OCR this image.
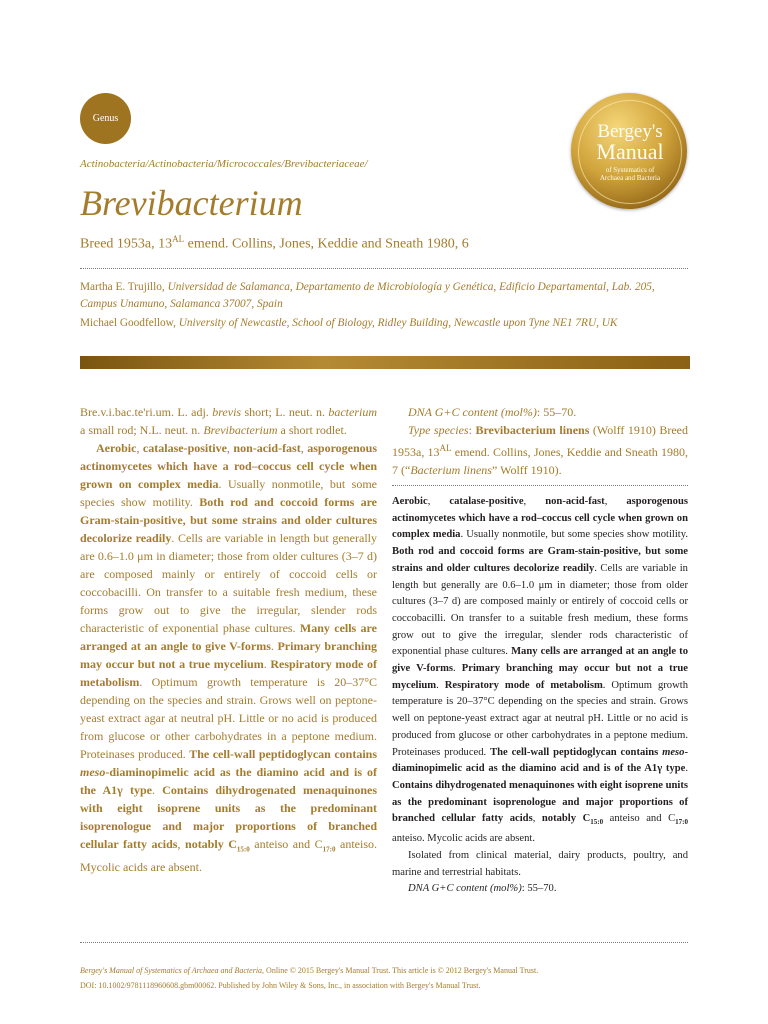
Genus
Bergey's
Manual
of Systematics of
Archaea and Bacteria
Actinobacteria/Actinobacteria/Micrococcales/Brevibacteriaceae/
Brevibacterium
Breed 1953a, $13^{AL}$ emend. Collins, Jones, Keddie and Sneath 1980, 6
Martha E. Trujillo, Universidad de Salamanca, Departamento de Microbiología y Genética, Edificio Departamental, Lab. 205, Campus Unamuno, Salamanca 37007, Spain
Michael Goodfellow, University of Newcastle, School of Biology, Ridley Building, Newcastle upon Tyne NE1 7RU, UK

Bre.v.i.bac.te'ri.um. L. adj. brevis short; L. neut. n. bacterium a small rod; N.L. neut. n. Brevibacterium a short rodlet.

Aerobic, catalase-positive, non-acid-fast, asporogenous actinomycetes which have a rod–coccus cell cycle when grown on complex media. Usually nonmotile, but some species show motility. Both rod and coccoid forms are Gram-stain-positive, but some strains and older cultures decolorize readily. Cells are variable in length but generally are 0.6–1.0 μm in diameter; those from older cultures (3–7 d) are composed mainly or entirely of coccoid cells or coccobacilli. On transfer to a suitable fresh medium, these forms grow out to give the irregular, slender rods characteristic of exponential phase cultures. Many cells are arranged at an angle to give V-forms. Primary branching may occur but not a true mycelium. Respiratory mode of metabolism. Optimum growth temperature is 20–37°C depending on the species and strain. Grows well on peptone-yeast extract agar at neutral pH. Little or no acid is produced from glucose or other carbohydrates in a peptone medium. Proteinases produced. The cell-wall peptidoglycan contains meso-diaminopimelic acid as the diamino acid and is of the A1γ type. Contains dihydrogenated menaquinones with eight isoprene units as the predominant isoprenologue and major proportions of branched cellular fatty acids, notably $C_{15:0}$ anteiso and $C_{17:0}$ anteiso. Mycolic acids are absent.

DNA G+C content (mol%): 55–70.

Type species: Brevibacterium linens (Wolff 1910) Breed 1953a, $13^{AL}$ emend. Collins, Jones, Keddie and Sneath 1980, 7 (“Bacterium linens” Wolff 1910).

Aerobic, catalase-positive, non-acid-fast, asporogenous actinomycetes which have a rod–coccus cell cycle when grown on complex media. Usually nonmotile, but some species show motility. Both rod and coccoid forms are Gram-stain-positive, but some strains and older cultures decolorize readily. Cells are variable in length but generally are 0.6–1.0 μm in diameter; those from older cultures (3–7 d) are composed mainly or entirely of coccoid cells or coccobacilli. On transfer to a suitable fresh medium, these forms grow out to give the irregular, slender rods characteristic of exponential phase cultures. Many cells are arranged at an angle to give V-forms. Primary branching may occur but not a true mycelium. Respiratory mode of metabolism. Optimum growth temperature is 20–37°C depending on the species and strain. Grows well on peptone-yeast extract agar at neutral pH. Little or no acid is produced from glucose or other carbohydrates in a peptone medium. Proteinases produced. The cell-wall peptidoglycan contains meso-diaminopimelic acid as the diamino acid and is of the A1γ type. Contains dihydrogenated menaquinones with eight isoprene units as the predominant isoprenologue and major proportions of branched cellular fatty acids, notably $C_{15:0}$ anteiso and $C_{17:0}$ anteiso. Mycolic acids are absent.

Isolated from clinical material, dairy products, poultry, and marine and terrestrial habitats.

DNA G+C content (mol%): 55–70.

Bergey's Manual of Systematics of Archaea and Bacteria, Online © 2015 Bergey's Manual Trust. This article is © 2012 Bergey's Manual Trust.
DOI: 10.1002/9781118960608.gbm00062. Published by John Wiley & Sons, Inc., in association with Bergey's Manual Trust.
